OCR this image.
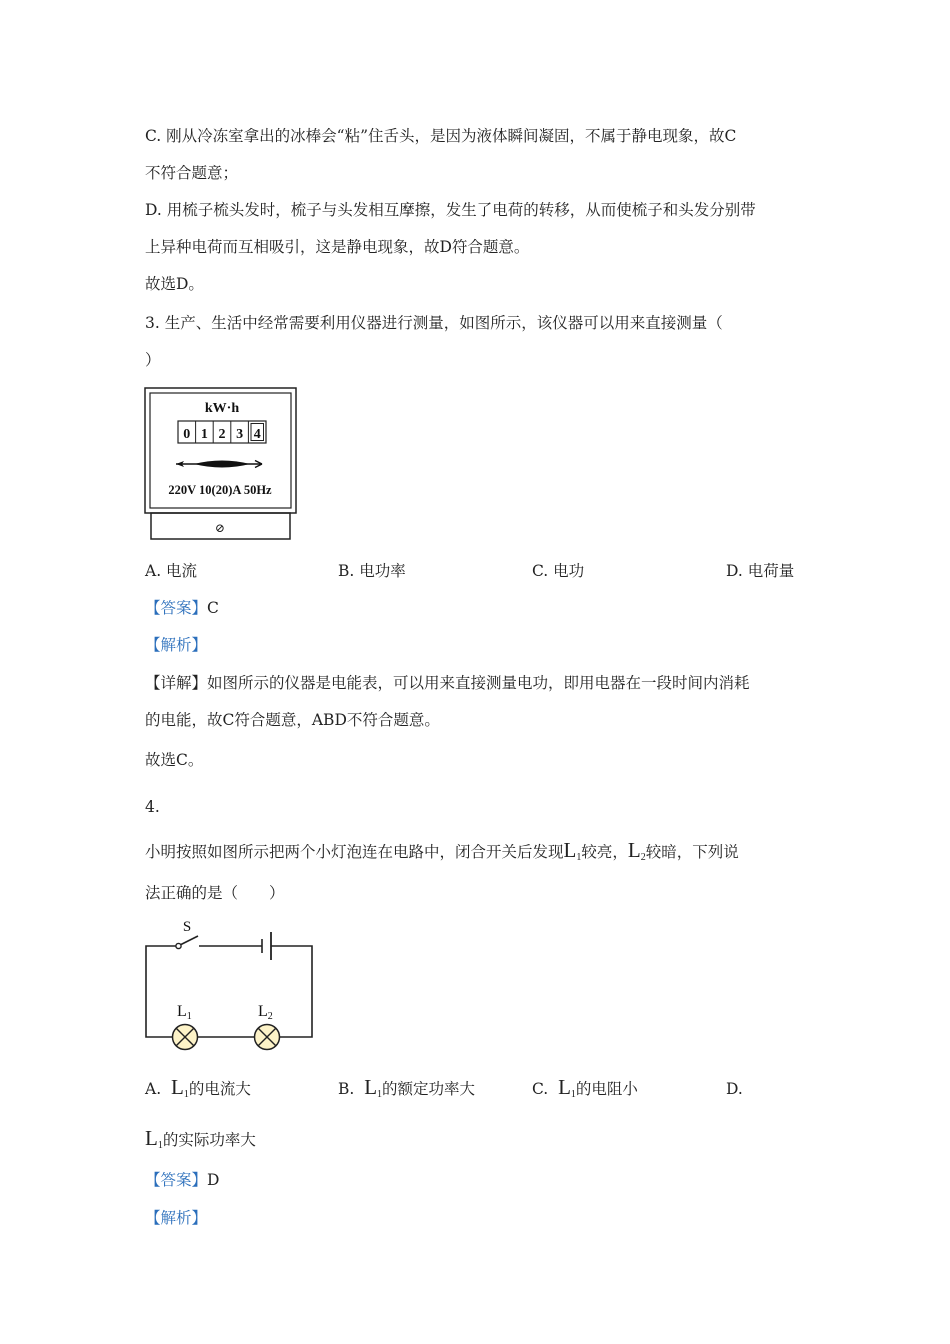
C. 刚从冷冻室拿出的冰棒会“粘”住舌头，是因为液体瞬间凝固，不属于静电现象，故C
不符合题意；
D. 用梳子梳头发时，梳子与头发相互摩擦，发生了电荷的转移，从而使梳子和头发分别带
上异种电荷而互相吸引，这是静电现象，故D符合题意。
故选D。
3. 生产、生活中经常需要利用仪器进行测量，如图所示，该仪器可以用来直接测量（
）
kW·h
0 1 2 3 4
220V 10(20)A 50Hz
⊘
A. 电流	B. 电功率	C. 电功	D. 电荷量
【答案】C
【解析】
【详解】如图所示的仪器是电能表，可以用来直接测量电功，即用电器在一段时间内消耗
的电能，故C符合题意，ABD不符合题意。
故选C。
4.
小明按照如图所示把两个小灯泡连在电路中，闭合开关后发现$L_1$较亮，$L_2$较暗，下列说
法正确的是（　　）
S
L1	L2
A. $L_1$的电流大	B. $L_1$的额定功率大	C. $L_1$的电阻小	D.
$L_1$的实际功率大
【答案】D
【解析】
